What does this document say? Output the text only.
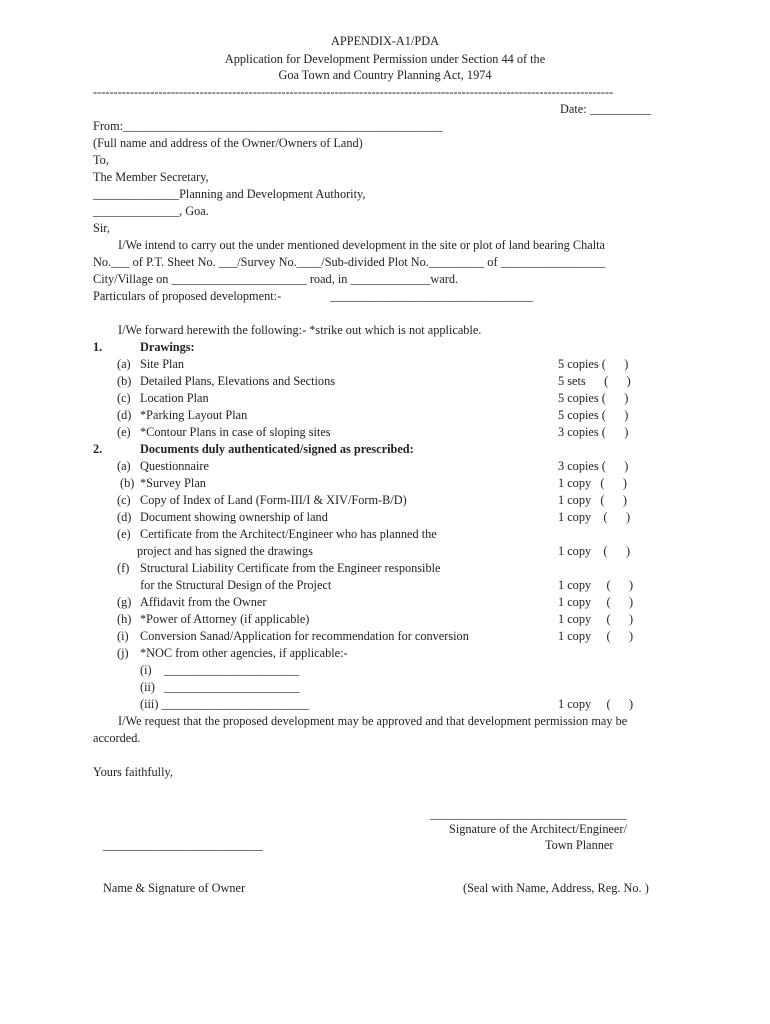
APPENDIX-A1/PDA
Application for Development Permission under Section 44 of the
Goa Town and Country Planning Act, 1974
-------------------------------------------------------------------------------------------------------------------------------
Date: __________
From:____________________________________________________
(Full name and address of the Owner/Owners of Land)
To,
The Member Secretary,
______________Planning and Development Authority,
______________, Goa.
Sir,
I/We intend to carry out the under mentioned development in the site or plot of land bearing Chalta
No.___ of P.T. Sheet No. ___/Survey No.____/Sub-divided Plot No._________ of _________________
City/Village on ______________________ road, in _____________ward.
Particulars of proposed development:-	_________________________________
I/We forward herewith the following:- *strike out which is not applicable.
1.	Drawings:
(a) Site Plan	5 copies (      )
(b) Detailed Plans, Elevations and Sections	5 sets      (      )
(c) Location Plan	5 copies (      )
(d) *Parking Layout Plan	5 copies (      )
(e) *Contour Plans in case of sloping sites	3 copies (      )
2.	Documents duly authenticated/signed as prescribed:
(a) Questionnaire	3 copies (      )
(b) *Survey Plan	1 copy   (      )
(c) Copy of Index of Land (Form-III/I & XIV/Form-B/D)	1 copy   (      )
(d) Document showing ownership of land	1 copy    (      )
(e) Certificate from the Architect/Engineer who has planned the
project and has signed the drawings	1 copy    (      )
(f) Structural Liability Certificate from the Engineer responsible
for the Structural Design of the Project	1 copy     (      )
(g) Affidavit from the Owner	1 copy     (      )
(h) *Power of Attorney (if applicable)	1 copy     (      )
(i) Conversion Sanad/Application for recommendation for conversion	1 copy     (      )
(j) *NOC from other agencies, if applicable:-
(i)    ______________________
(ii)   ______________________
(iii) ________________________	1 copy     (      )
I/We request that the proposed development may be approved and that development permission may be
accorded.
Yours faithfully,
________________________________
Signature of the Architect/Engineer/
Town Planner
__________________________
Name & Signature of Owner	(Seal with Name, Address, Reg. No. )
